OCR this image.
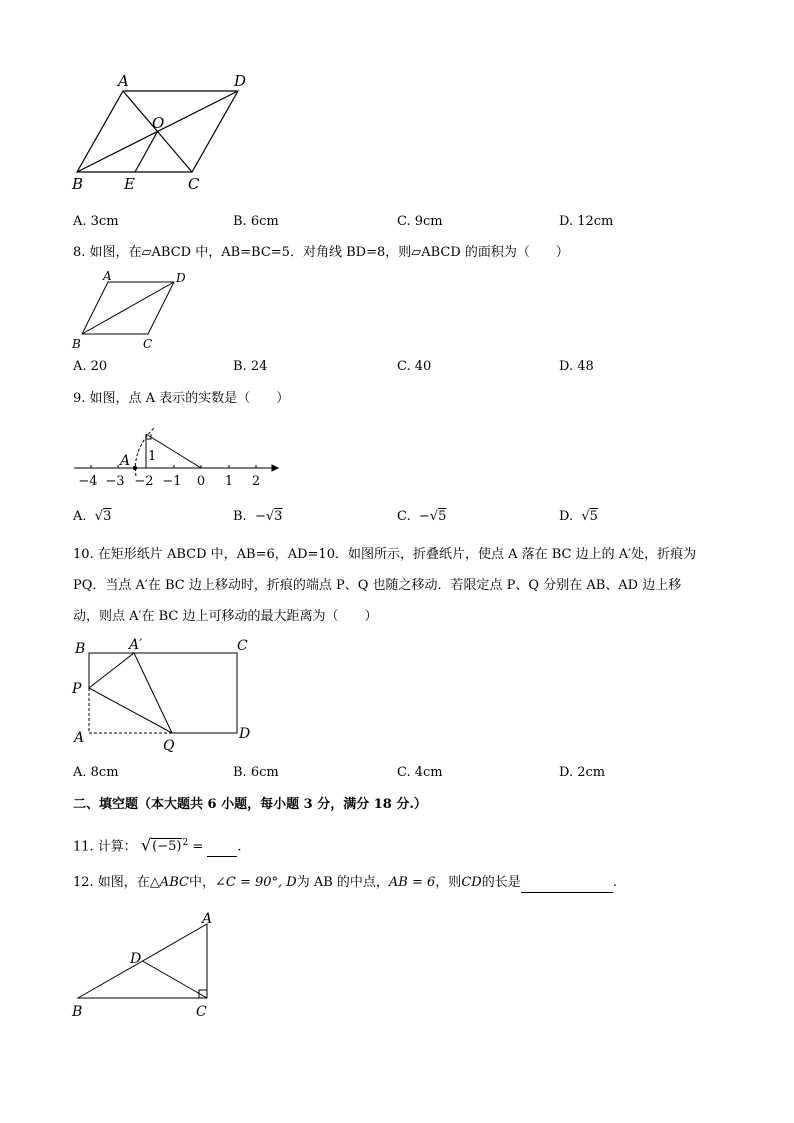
A	D
O
B	E	C
A. 3cm	B. 6cm	C. 9cm	D. 12cm
8. 如图，在▱ABCD 中，AB=BC=5．对角线 BD=8，则▱ABCD 的面积为（　　）
A	D
B	C
A. 20	B. 24	C. 40	D. 48
9. 如图，点 A 表示的实数是（　　）
A 1
−4 −3 −2 −1 0 1 2
A. √3	B. −√3	C. −√5	D. √5
10. 在矩形纸片 ABCD 中，AB=6，AD=10．如图所示，折叠纸片，使点 A 落在 BC 边上的 A′处，折痕为
PQ．当点 A′在 BC 边上移动时，折痕的端点 P、Q 也随之移动．若限定点 P、Q 分别在 AB、AD 边上移
动，则点 A′在 BC 边上可移动的最大距离为（　　）
B	A′	C
P
A	Q
D
A. 8cm	B. 6cm	C. 4cm	D. 2cm
二、填空题（本大题共 6 小题，每小题 3 分，满分 18 分.）
11. 计算： $√(-5)^2$ =	.
12. 如图，在△ABC中，∠C = 90°, D为 AB 的中点，AB = 6，则CD的长是	.
A
D
B	C
